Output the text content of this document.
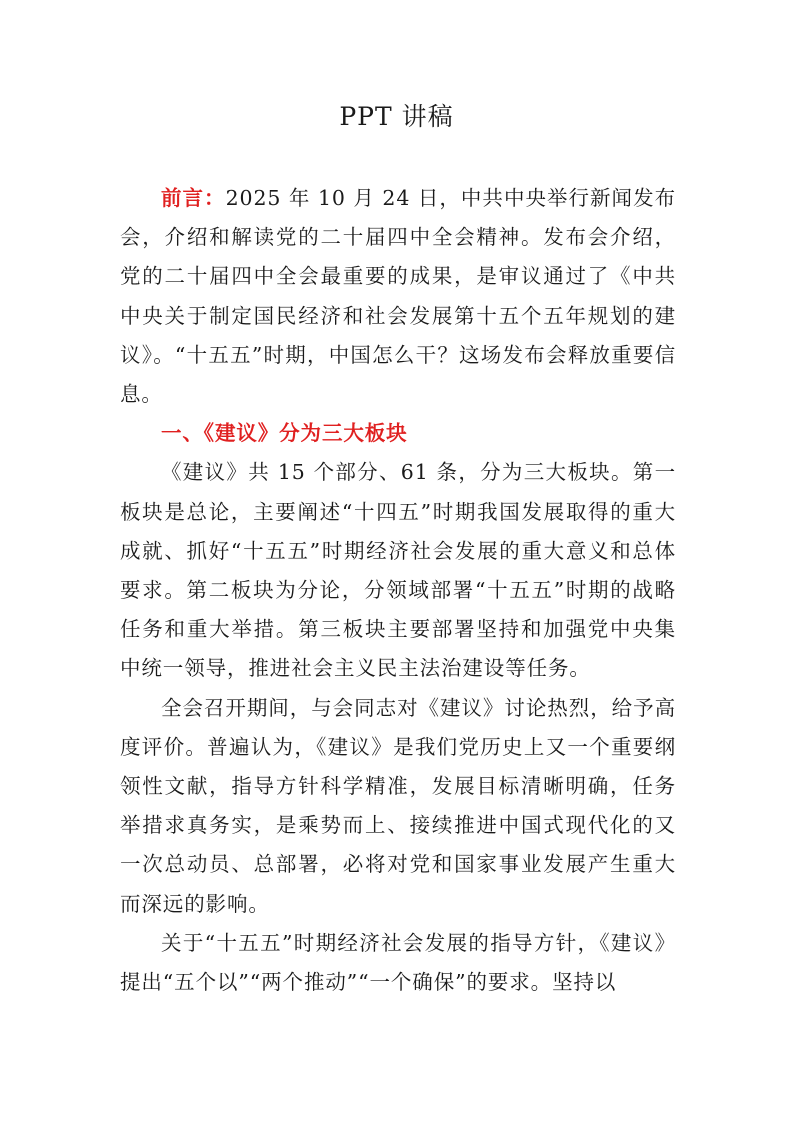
PPT 讲稿

前言：2025 年 10 月 24 日，中共中央举行新闻发布会，介绍和解读党的二十届四中全会精神。发布会介绍，党的二十届四中全会最重要的成果，是审议通过了《中共中央关于制定国民经济和社会发展第十五个五年规划的建议》。“十五五”时期，中国怎么干？这场发布会释放重要信息。

一、《建议》分为三大板块

《建议》共 15 个部分、61 条，分为三大板块。第一板块是总论，主要阐述“十四五”时期我国发展取得的重大成就、抓好“十五五”时期经济社会发展的重大意义和总体要求。第二板块为分论，分领域部署“十五五”时期的战略任务和重大举措。第三板块主要部署坚持和加强党中央集中统一领导，推进社会主义民主法治建设等任务。

全会召开期间，与会同志对《建议》讨论热烈，给予高度评价。普遍认为，《建议》是我们党历史上又一个重要纲领性文献，指导方针科学精准，发展目标清晰明确，任务举措求真务实，是乘势而上、接续推进中国式现代化的又一次总动员、总部署，必将对党和国家事业发展产生重大而深远的影响。

关于“十五五”时期经济社会发展的指导方针，《建议》提出“五个以”“两个推动”“一个确保”的要求。坚持以
